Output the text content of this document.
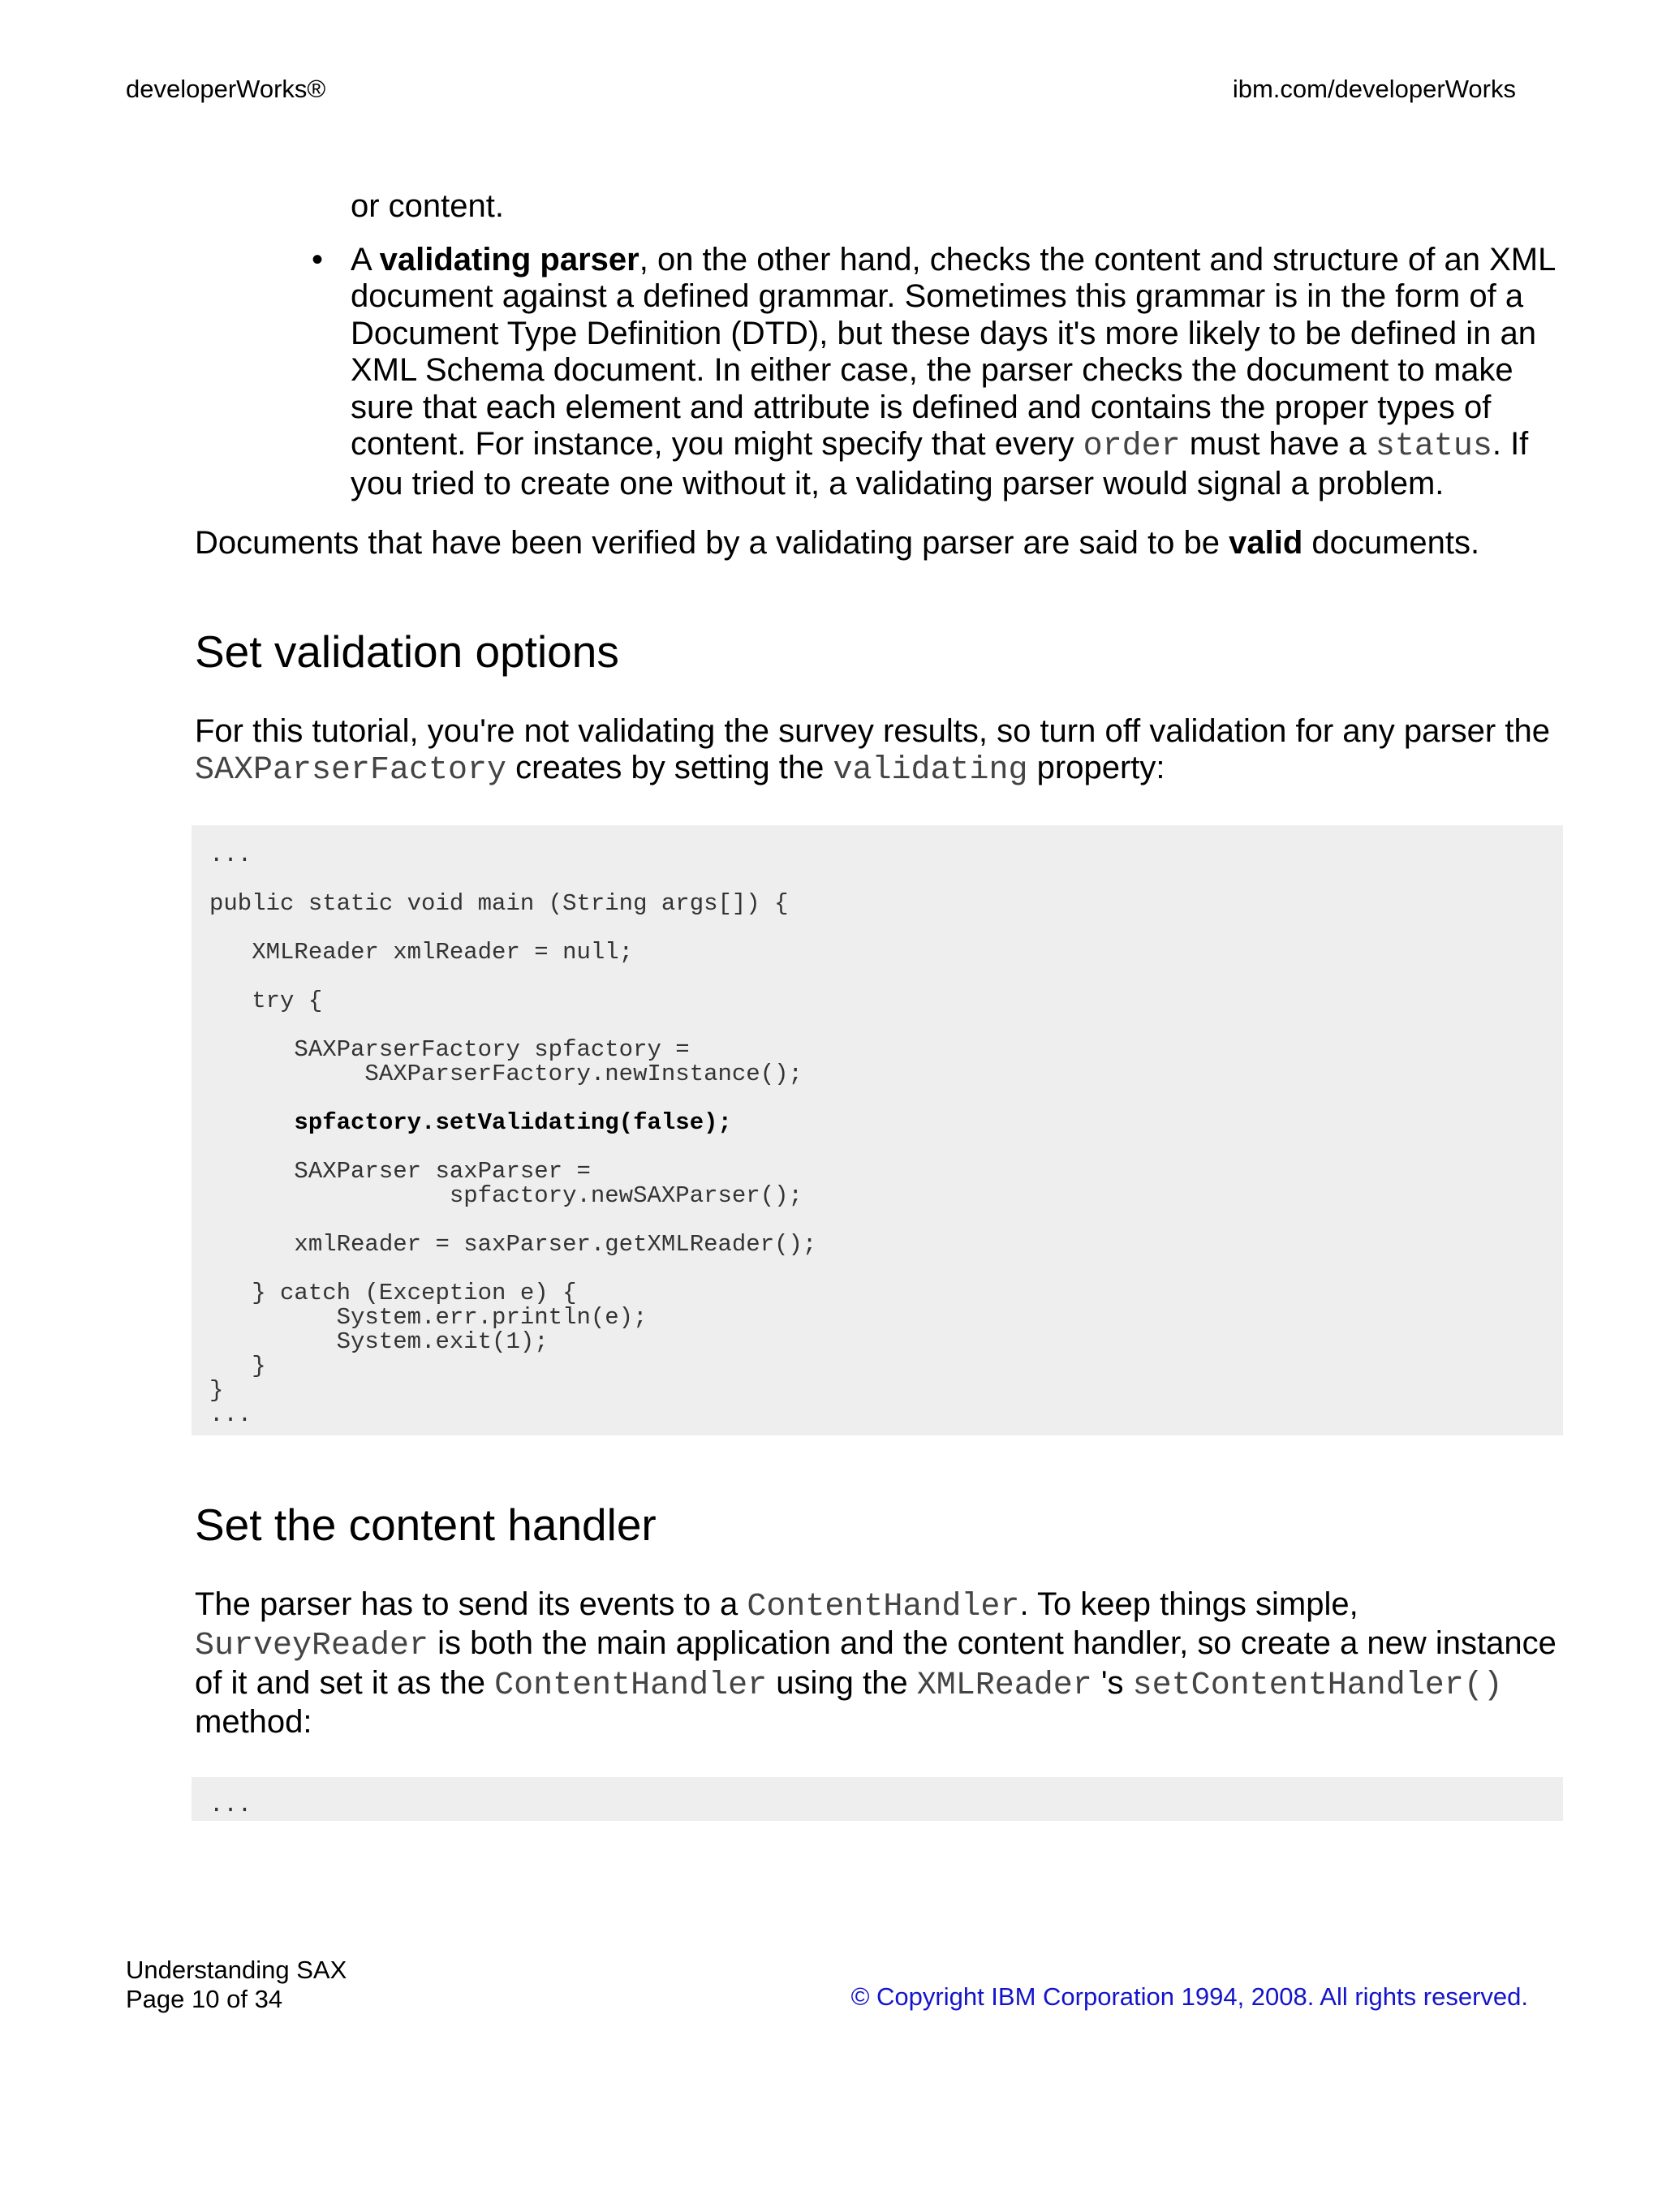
developerWorks®	ibm.com/developerWorks

or content.

• A validating parser, on the other hand, checks the content and structure of an XML document against a defined grammar. Sometimes this grammar is in the form of a Document Type Definition (DTD), but these days it's more likely to be defined in an XML Schema document. In either case, the parser checks the document to make sure that each element and attribute is defined and contains the proper types of content. For instance, you might specify that every order must have a status. If you tried to create one without it, a validating parser would signal a problem.

Documents that have been verified by a validating parser are said to be valid documents.

Set validation options

For this tutorial, you're not validating the survey results, so turn off validation for any parser the SAXParserFactory creates by setting the validating property:

...

public static void main (String args[]) {

XMLReader xmlReader = null;

try {

SAXParserFactory spfactory =
SAXParserFactory.newInstance();

spfactory.setValidating(false);

SAXParser saxParser =
spfactory.newSAXParser();

xmlReader = saxParser.getXMLReader();

} catch (Exception e) {
System.err.println(e);
System.exit(1);
}
}
...
Set the content handler

The parser has to send its events to a ContentHandler. To keep things simple, SurveyReader is both the main application and the content handler, so create a new instance of it and set it as the ContentHandler using the XMLReader 's setContentHandler() method:

...
Understanding SAX
Page 10 of 34	© Copyright IBM Corporation 1994, 2008. All rights reserved.
